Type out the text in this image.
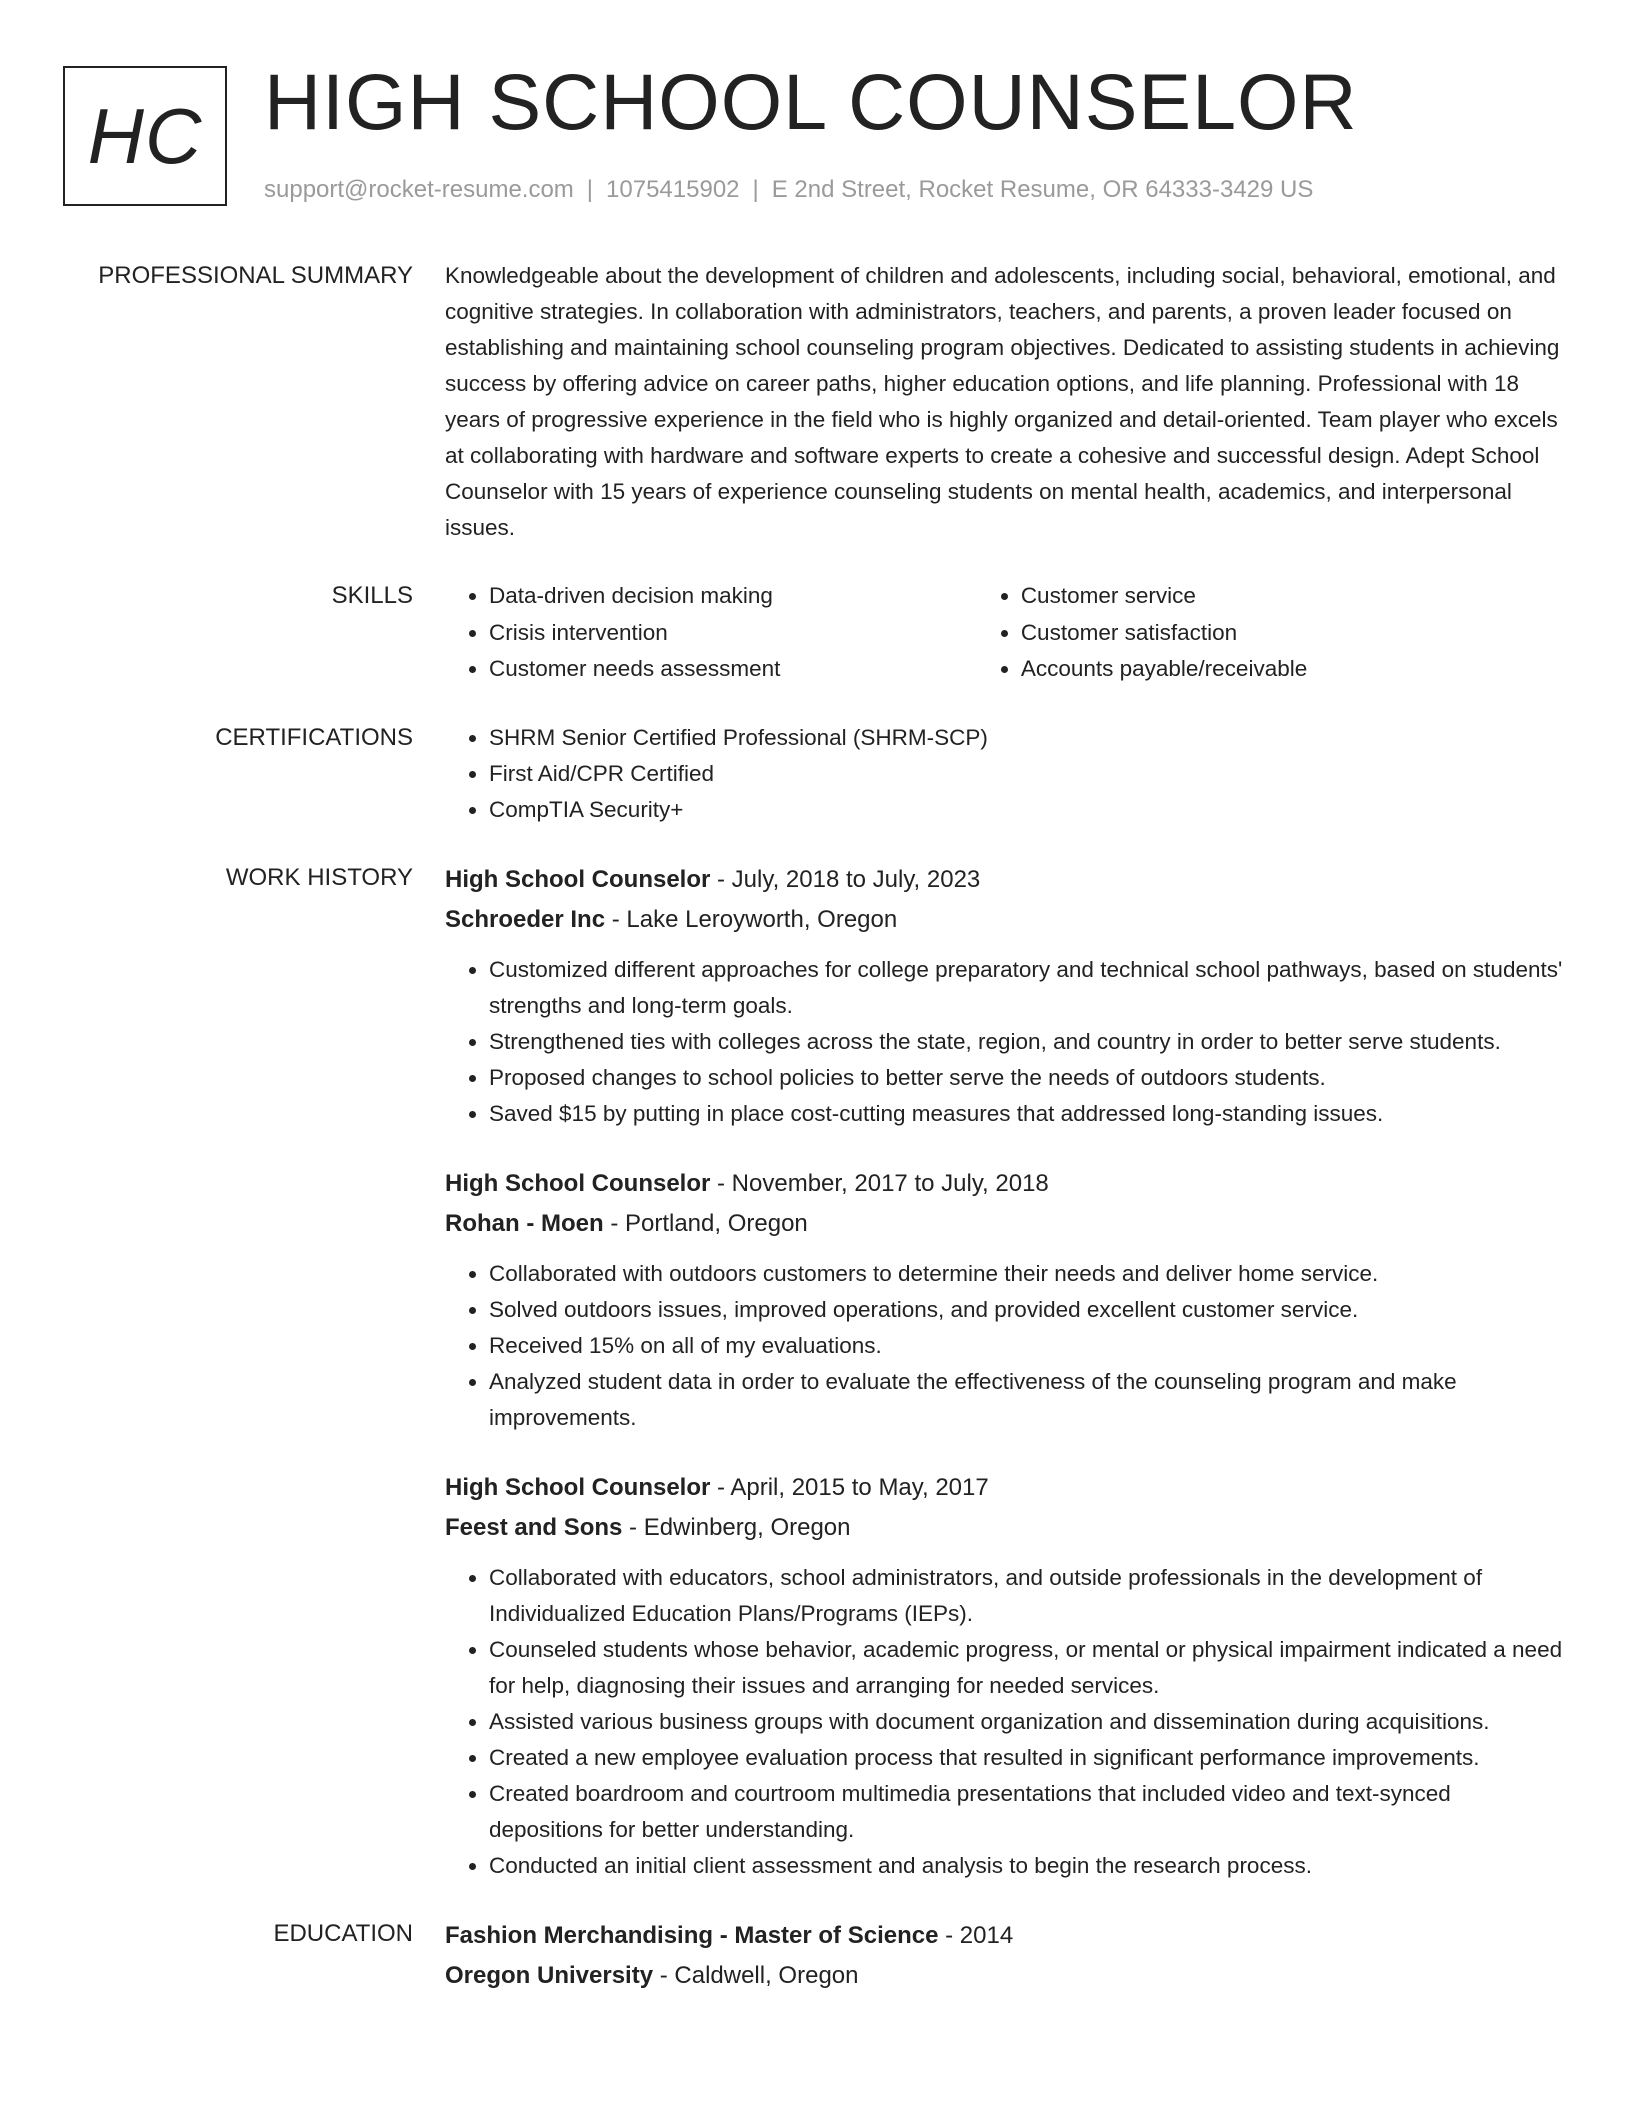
HC HIGH SCHOOL COUNSELOR
support@rocket-resume.com | 1075415902 | E 2nd Street, Rocket Resume, OR 64333-3429 US
PROFESSIONAL SUMMARY Knowledgeable about the development of children and adolescents, including social, behavioral, emotional, and cognitive strategies. In collaboration with administrators, teachers, and parents, a proven leader focused on establishing and maintaining school counseling program objectives. Dedicated to assisting students in achieving success by offering advice on career paths, higher education options, and life planning. Professional with 18 years of progressive experience in the field who is highly organized and detail-oriented. Team player who excels at collaborating with hardware and software experts to create a cohesive and successful design. Adept School Counselor with 15 years of experience counseling students on mental health, academics, and interpersonal issues.

SKILLS	• Data-driven decision making
• Crisis intervention
• Customer needs assessment
• Customer service
• Customer satisfaction
• Accounts payable/receivable
CERTIFICATIONS	• SHRM Senior Certified Professional (SHRM-SCP)
• First Aid/CPR Certified
• CompTIA Security+
WORK HISTORY High School Counselor - July, 2018 to July, 2023
Schroeder Inc - Lake Leroyworth, Oregon
• Customized different approaches for college preparatory and technical school pathways, based on students' strengths and long-term goals.
• Strengthened ties with colleges across the state, region, and country in order to better serve students.
• Proposed changes to school policies to better serve the needs of outdoors students.
• Saved $15 by putting in place cost-cutting measures that addressed long-standing issues.
High School Counselor - November, 2017 to July, 2018
Rohan - Moen - Portland, Oregon
• Collaborated with outdoors customers to determine their needs and deliver home service.
• Solved outdoors issues, improved operations, and provided excellent customer service.
• Received 15% on all of my evaluations.
• Analyzed student data in order to evaluate the effectiveness of the counseling program and make improvements.
High School Counselor - April, 2015 to May, 2017
Feest and Sons - Edwinberg, Oregon
• Collaborated with educators, school administrators, and outside professionals in the development of Individualized Education Plans/Programs (IEPs).
• Counseled students whose behavior, academic progress, or mental or physical impairment indicated a need for help, diagnosing their issues and arranging for needed services.
• Assisted various business groups with document organization and dissemination during acquisitions.
• Created a new employee evaluation process that resulted in significant performance improvements.
• Created boardroom and courtroom multimedia presentations that included video and text-synced depositions for better understanding.
• Conducted an initial client assessment and analysis to begin the research process.
EDUCATION Fashion Merchandising - Master of Science - 2014
Oregon University - Caldwell, Oregon
